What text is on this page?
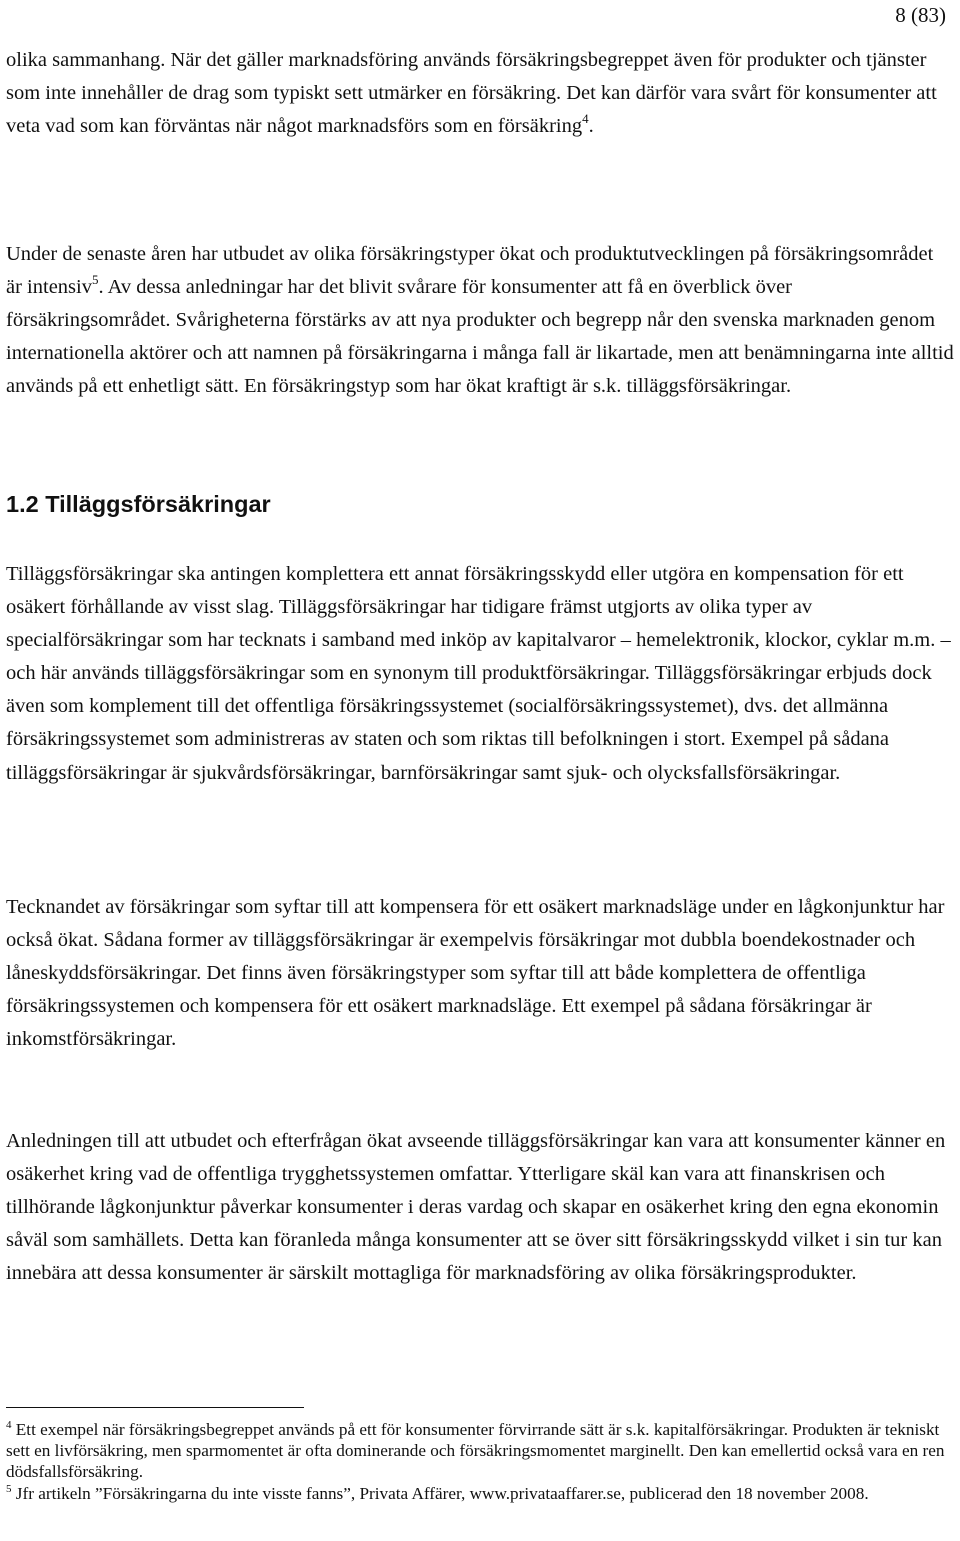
8 (83)

olika sammanhang. När det gäller marknadsföring används försäkringsbegreppet även för produkter och tjänster som inte innehåller de drag som typiskt sett utmärker en försäkring. Det kan därför vara svårt för konsumenter att veta vad som kan förväntas när något marknadsförs som en försäkring$^4$.

Under de senaste åren har utbudet av olika försäkringstyper ökat och produktutvecklingen på försäkringsområdet är intensiv$^5$. Av dessa anledningar har det blivit svårare för konsumenter att få en överblick över försäkringsområdet. Svårigheterna förstärks av att nya produkter och begrepp når den svenska marknaden genom internationella aktörer och att namnen på försäkringarna i många fall är likartade, men att benämningarna inte alltid används på ett enhetligt sätt. En försäkringstyp som har ökat kraftigt är s.k. tilläggsförsäkringar.

1.2 Tilläggsförsäkringar

Tilläggsförsäkringar ska antingen komplettera ett annat försäkringsskydd eller utgöra en kompensation för ett osäkert förhållande av visst slag. Tilläggsförsäkringar har tidigare främst utgjorts av olika typer av specialförsäkringar som har tecknats i samband med inköp av kapitalvaror – hemelektronik, klockor, cyklar m.m. – och här används tilläggsförsäkringar som en synonym till produktförsäkringar. Tilläggsförsäkringar erbjuds dock även som komplement till det offentliga försäkringssystemet (socialförsäkringssystemet), dvs. det allmänna försäkringssystemet som administreras av staten och som riktas till befolkningen i stort. Exempel på sådana tilläggsförsäkringar är sjukvårdsförsäkringar, barnförsäkringar samt sjuk- och olycksfallsförsäkringar.

Tecknandet av försäkringar som syftar till att kompensera för ett osäkert marknadsläge under en lågkonjunktur har också ökat. Sådana former av tilläggsförsäkringar är exempelvis försäkringar mot dubbla boendekostnader och låneskyddsförsäkringar. Det finns även försäkringstyper som syftar till att både komplettera de offentliga försäkringssystemen och kompensera för ett osäkert marknadsläge. Ett exempel på sådana försäkringar är inkomstförsäkringar.

Anledningen till att utbudet och efterfrågan ökat avseende tilläggsförsäkringar kan vara att konsumenter känner en osäkerhet kring vad de offentliga trygghetssystemen omfattar. Ytterligare skäl kan vara att finanskrisen och tillhörande lågkonjunktur påverkar konsumenter i deras vardag och skapar en osäkerhet kring den egna ekonomin såväl som samhällets. Detta kan föranleda många konsumenter att se över sitt försäkringsskydd vilket i sin tur kan innebära att dessa konsumenter är särskilt mottagliga för marknadsföring av olika försäkringsprodukter.

$^4$ Ett exempel när försäkringsbegreppet används på ett för konsumenter förvirrande sätt är s.k. kapitalförsäkringar. Produkten är tekniskt sett en livförsäkring, men sparmomentet är ofta dominerande och försäkringsmomentet marginellt. Den kan emellertid också vara en ren dödsfallsförsäkring.

$^5$ Jfr artikeln ”Försäkringarna du inte visste fanns”, Privata Affärer, www.privataaffarer.se, publicerad den 18 november 2008.
